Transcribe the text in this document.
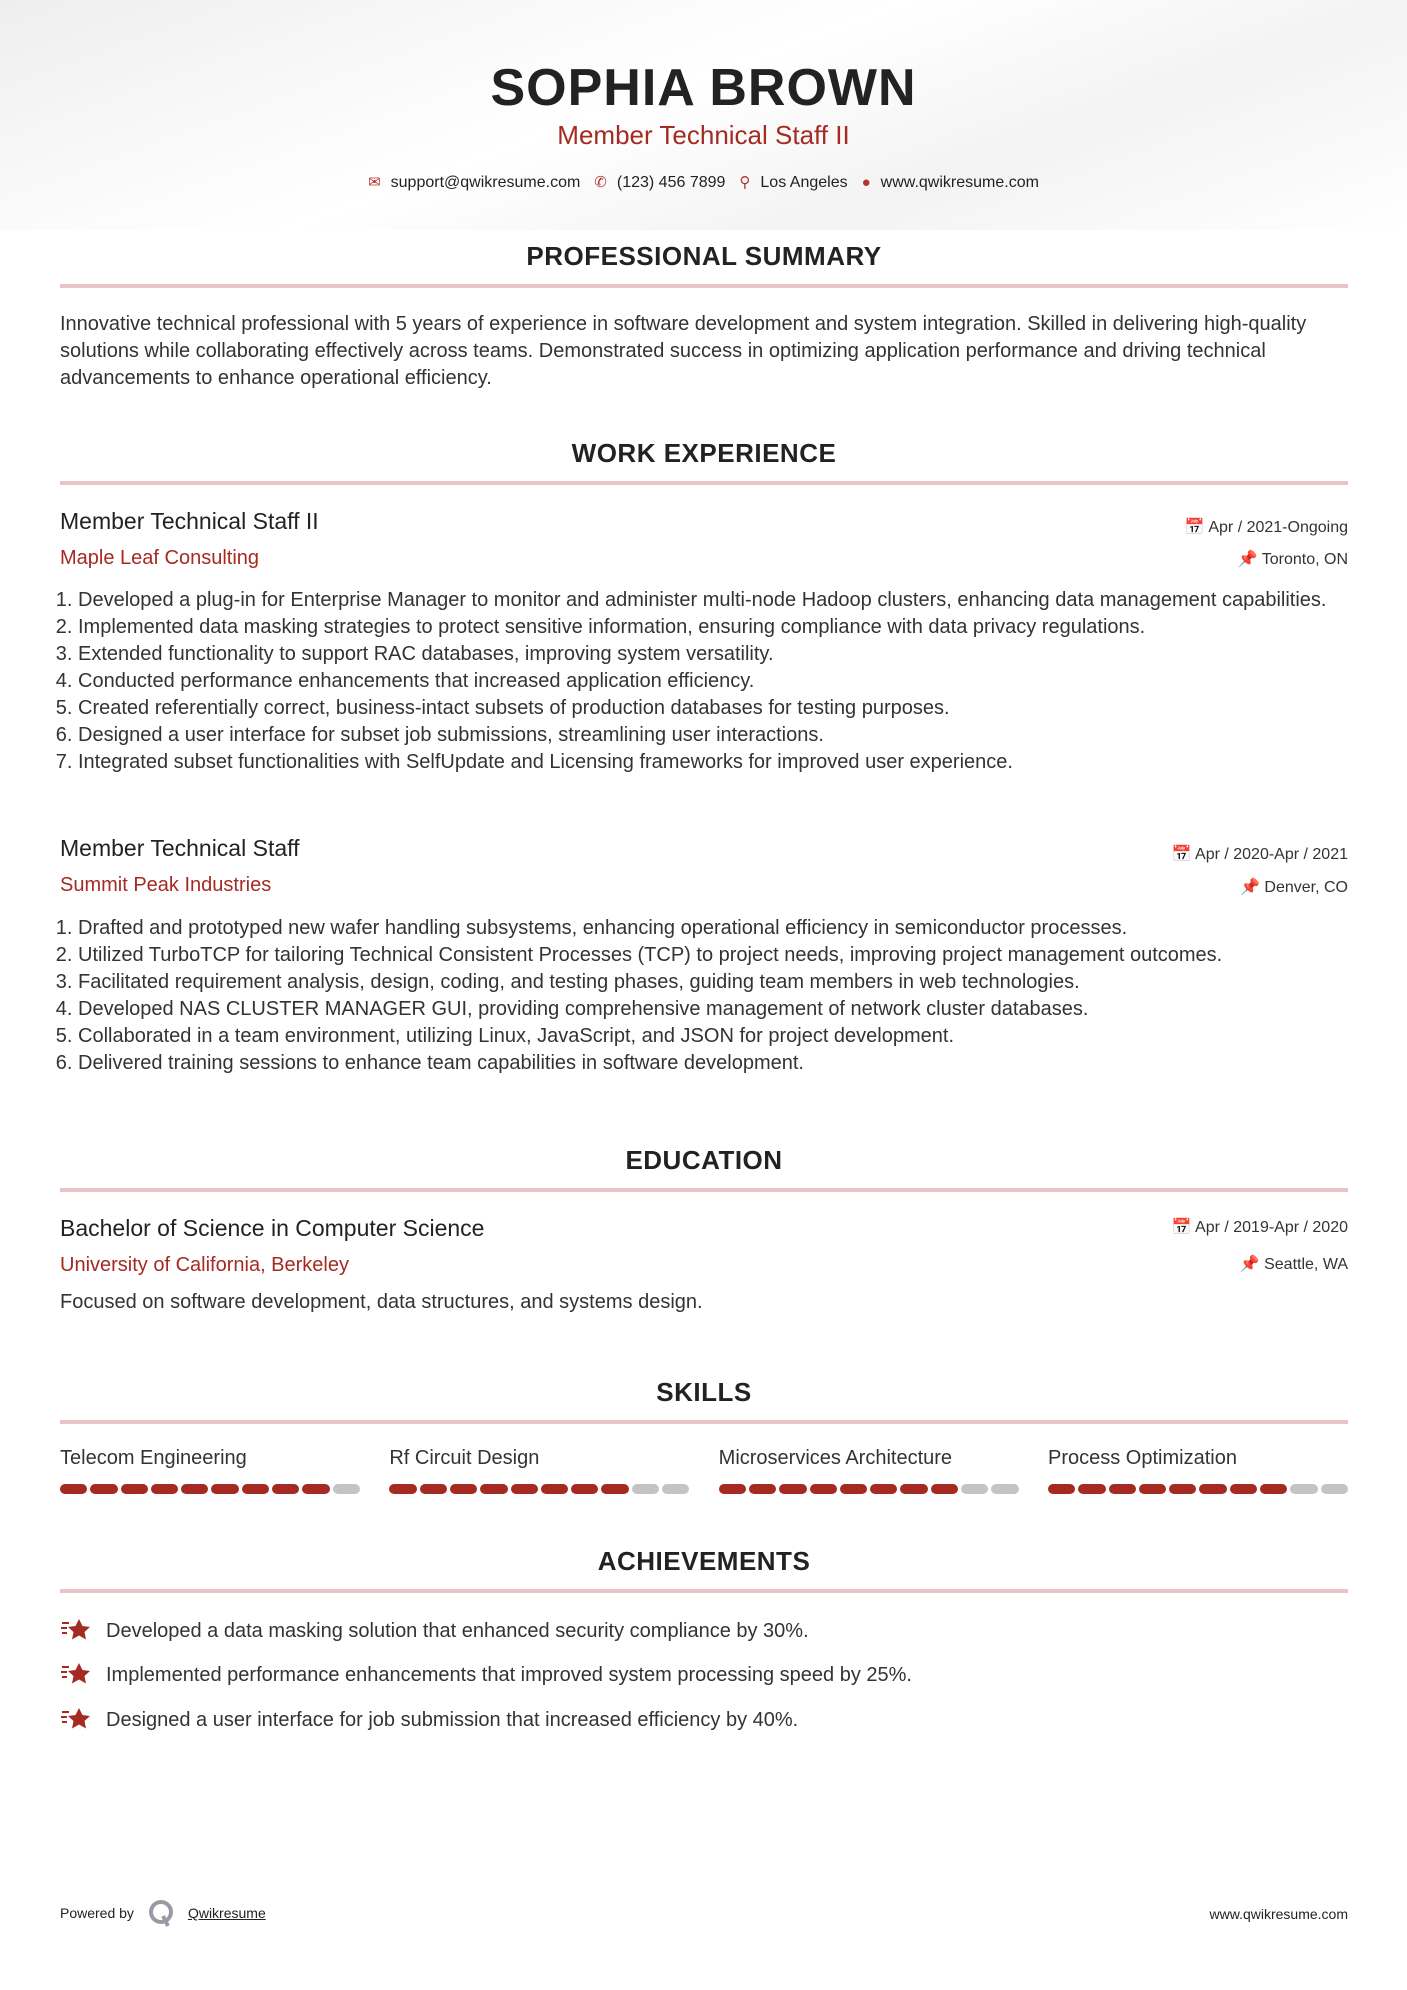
SOPHIA BROWN
Member Technical Staff II
✉ support@qwikresume.com ✆ (123) 456 7899 ⚲ Los Angeles ● www.qwikresume.com
PROFESSIONAL SUMMARY
Innovative technical professional with 5 years of experience in software development and system integration. Skilled in delivering high-quality solutions while collaborating effectively across teams. Demonstrated success in optimizing application performance and driving technical advancements to enhance operational efficiency.
WORK EXPERIENCE
Member Technical Staff II	📅 Apr / 2021-Ongoing
Maple Leaf Consulting	📌 Toronto, ON
1. Developed a plug-in for Enterprise Manager to monitor and administer multi-node Hadoop clusters, enhancing data management capabilities.
2. Implemented data masking strategies to protect sensitive information, ensuring compliance with data privacy regulations.
3. Extended functionality to support RAC databases, improving system versatility.
4. Conducted performance enhancements that increased application efficiency.
5. Created referentially correct, business-intact subsets of production databases for testing purposes.
6. Designed a user interface for subset job submissions, streamlining user interactions.
7. Integrated subset functionalities with SelfUpdate and Licensing frameworks for improved user experience.
Member Technical Staff	📅 Apr / 2020-Apr / 2021
Summit Peak Industries	📌 Denver, CO
1. Drafted and prototyped new wafer handling subsystems, enhancing operational efficiency in semiconductor processes.
2. Utilized TurboTCP for tailoring Technical Consistent Processes (TCP) to project needs, improving project management outcomes.
3. Facilitated requirement analysis, design, coding, and testing phases, guiding team members in web technologies.
4. Developed NAS CLUSTER MANAGER GUI, providing comprehensive management of network cluster databases.
5. Collaborated in a team environment, utilizing Linux, JavaScript, and JSON for project development.
6. Delivered training sessions to enhance team capabilities in software development.
EDUCATION
Bachelor of Science in Computer Science	📅 Apr / 2019-Apr / 2020
University of California, Berkeley	📌 Seattle, WA
Focused on software development, data structures, and systems design.
SKILLS
Telecom Engineering	Rf Circuit Design	Microservices Architecture	Process Optimization
ACHIEVEMENTS
Developed a data masking solution that enhanced security compliance by 30%.
Implemented performance enhancements that improved system processing speed by 25%.
Designed a user interface for job submission that increased efficiency by 40%.
Powered by	Qwikresume	www.qwikresume.com
